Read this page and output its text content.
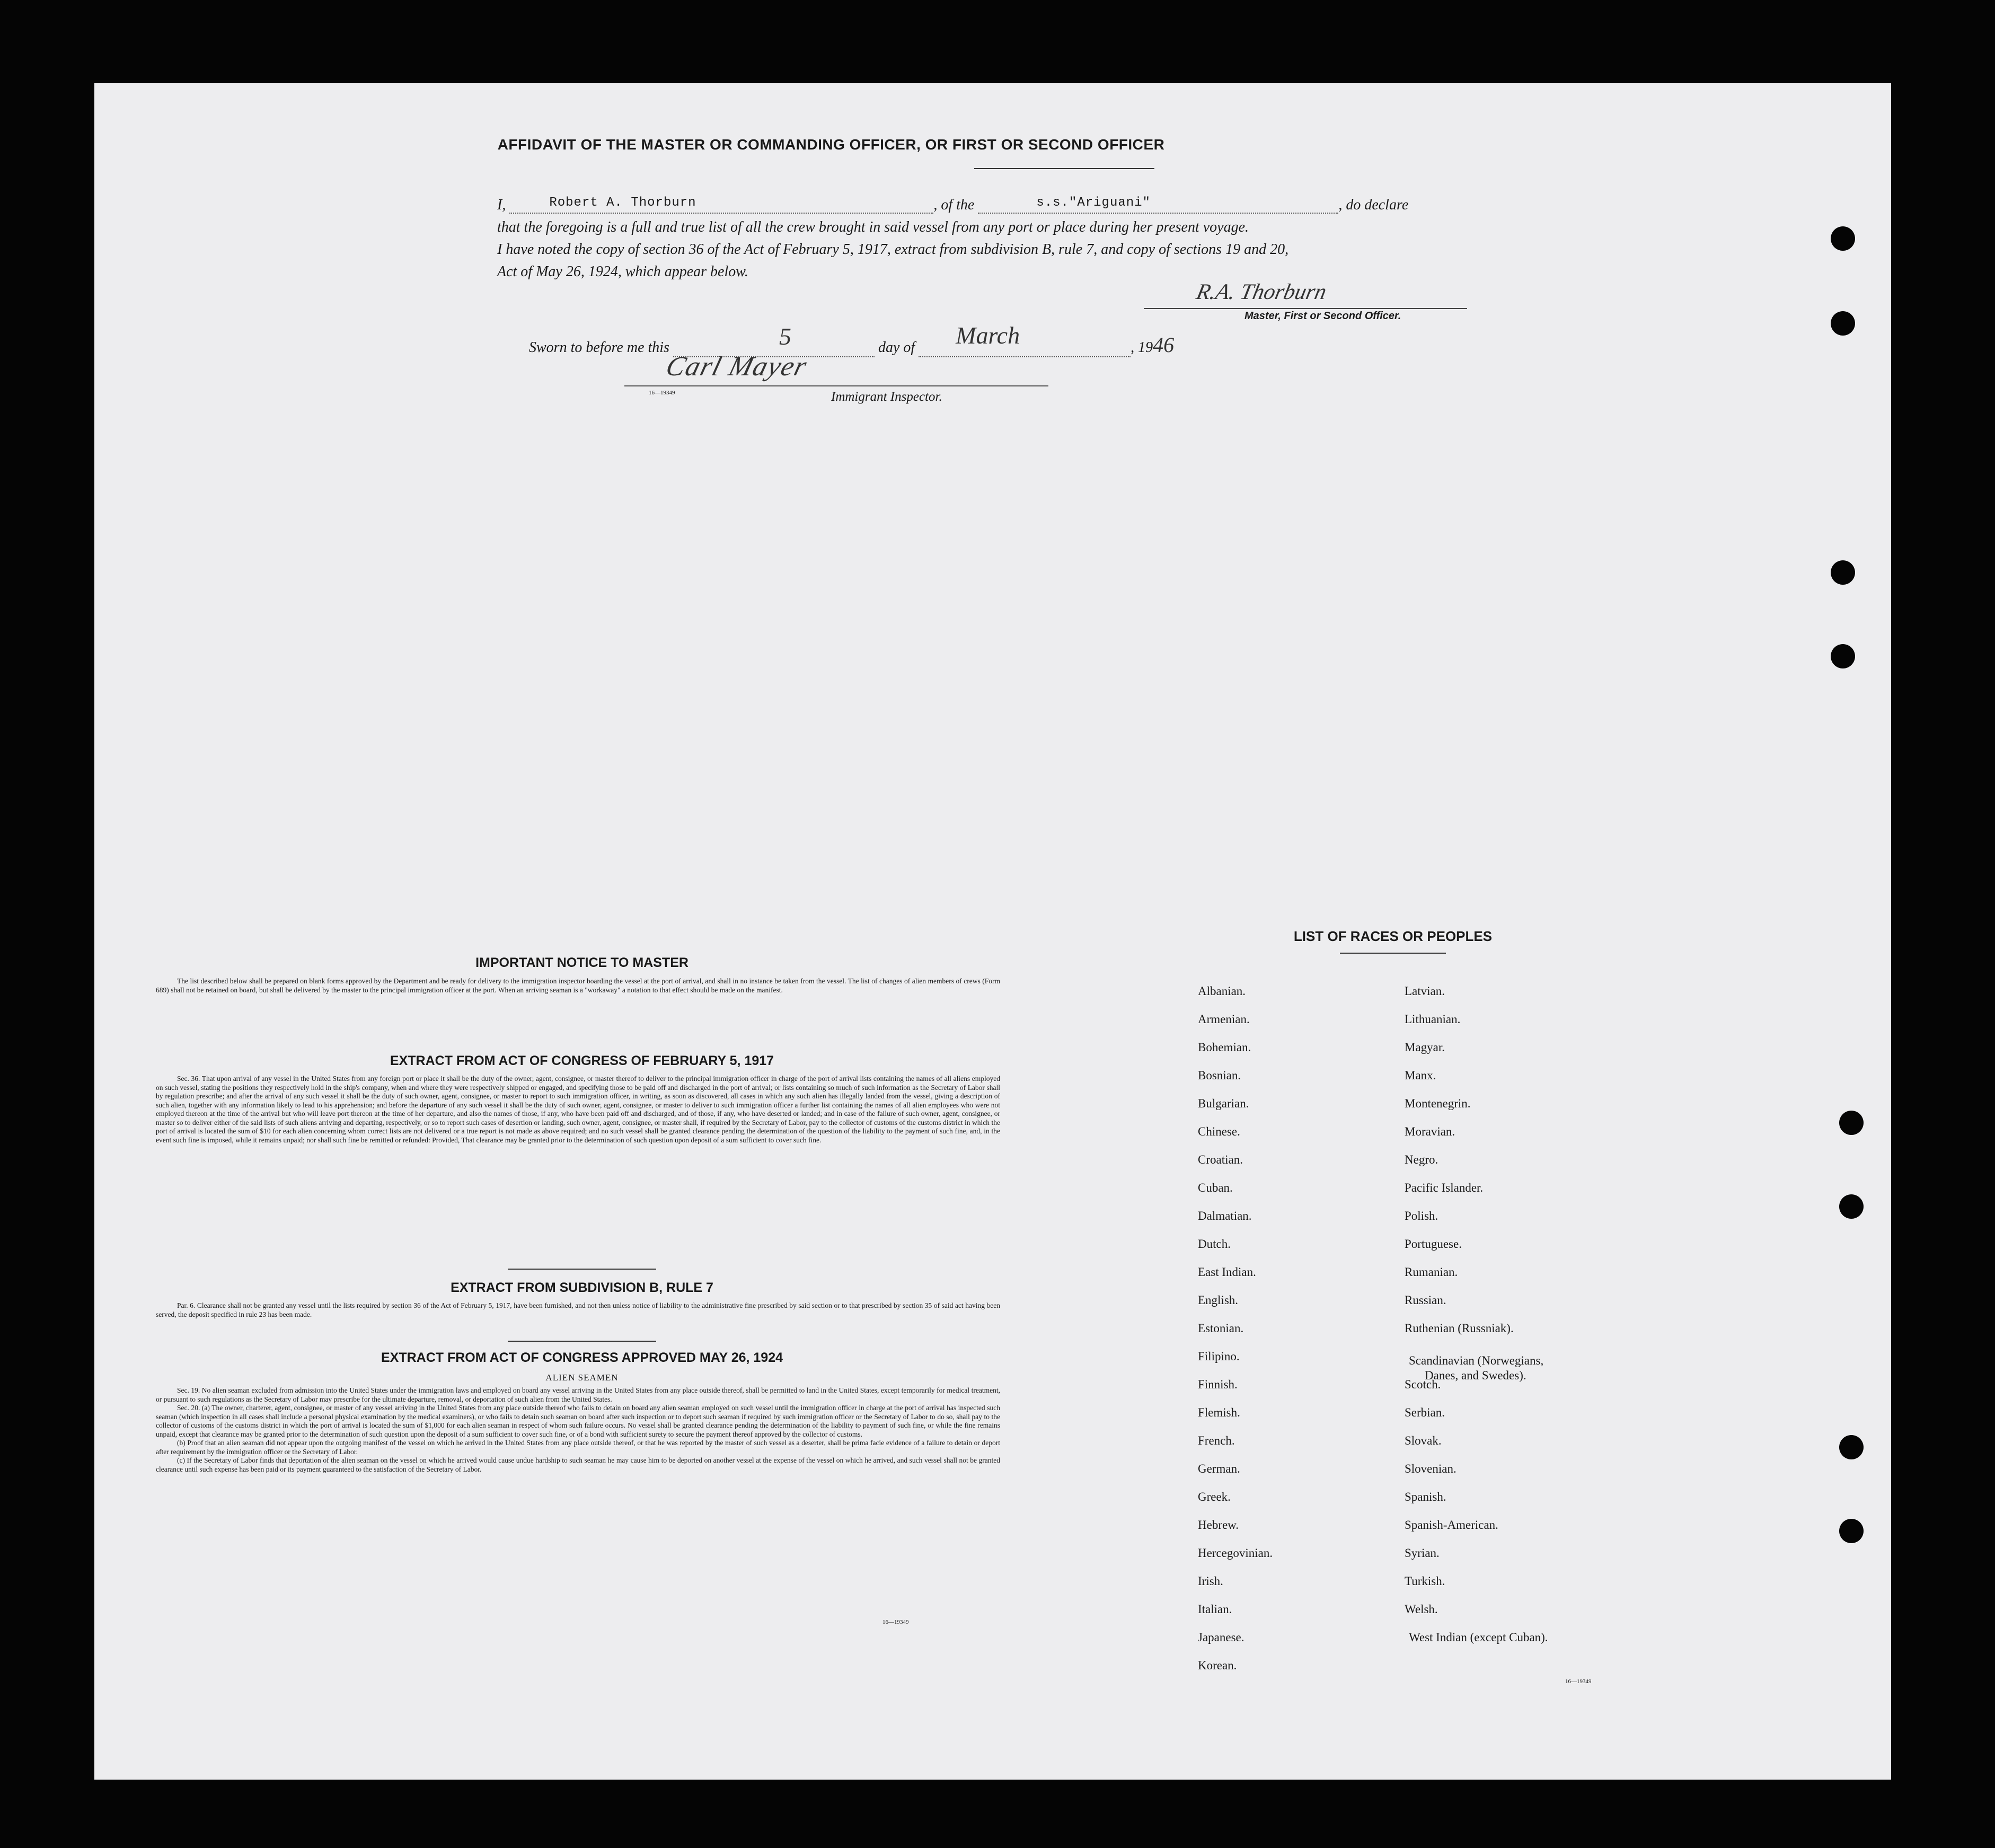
AFFIDAVIT OF THE MASTER OR COMMANDING OFFICER, OR FIRST OR SECOND OFFICER
I,	Robert A. Thorburn	, of the	s.s."Ariguani"	, do declare
that the foregoing is a full and true list of all the crew brought in said vessel from any port or place during her present voyage.
I have noted the copy of section 36 of the Act of February 5, 1917, extract from subdivision B, rule 7, and copy of sections 19 and 20,
Act of May 26, 1924, which appear below.
R.A. Thorburn
Master, First or Second Officer.
Sworn to before me this	5	day of March	, 1946
Carl Mayer
16—19349	Immigrant Inspector.
IMPORTANT NOTICE TO MASTER

The list described below shall be prepared on blank forms approved by the Department and be ready for delivery to the immigration inspector boarding the vessel at the port of arrival, and shall in no instance be taken from the vessel. The list of changes of alien members of crews (Form 689) shall not be retained on board, but shall be delivered by the master to the principal immigration officer at the port. When an arriving seaman is a "workaway" a notation to that effect should be made on the manifest.

EXTRACT FROM ACT OF CONGRESS OF FEBRUARY 5, 1917

Sec. 36. That upon arrival of any vessel in the United States from any foreign port or place it shall be the duty of the owner, agent, consignee, or master thereof to deliver to the principal immigration officer in charge of the port of arrival lists containing the names of all aliens employed on such vessel, stating the positions they respectively hold in the ship's company, when and where they were respectively shipped or engaged, and specifying those to be paid off and discharged in the port of arrival; or lists containing so much of such information as the Secretary of Labor shall by regulation prescribe; and after the arrival of any such vessel it shall be the duty of such owner, agent, consignee, or master to report to such immigration officer, in writing, as soon as discovered, all cases in which any such alien has illegally landed from the vessel, giving a description of such alien, together with any information likely to lead to his apprehension; and before the departure of any such vessel it shall be the duty of such owner, agent, consignee, or master to deliver to such immigration officer a further list containing the names of all alien employees who were not employed thereon at the time of the arrival but who will leave port thereon at the time of her departure, and also the names of those, if any, who have been paid off and discharged, and of those, if any, who have deserted or landed; and in case of the failure of such owner, agent, consignee, or master so to deliver either of the said lists of such aliens arriving and departing, respectively, or so to report such cases of desertion or landing, such owner, agent, consignee, or master shall, if required by the Secretary of Labor, pay to the collector of customs of the customs district in which the port of arrival is located the sum of $10 for each alien concerning whom correct lists are not delivered or a true report is not made as above required; and no such vessel shall be granted clearance pending the determination of the question of the liability to the payment of such fine, and, in the event such fine is imposed, while it remains unpaid; nor shall such fine be remitted or refunded: Provided, That clearance may be granted prior to the determination of such question upon deposit of a sum sufficient to cover such fine.

EXTRACT FROM SUBDIVISION B, RULE 7

Par. 6. Clearance shall not be granted any vessel until the lists required by section 36 of the Act of February 5, 1917, have been furnished, and not then unless notice of liability to the administrative fine prescribed by said section or to that prescribed by section 35 of said act having been served, the deposit specified in rule 23 has been made.

EXTRACT FROM ACT OF CONGRESS APPROVED MAY 26, 1924
ALIEN SEAMEN

Sec. 19. No alien seaman excluded from admission into the United States under the immigration laws and employed on board any vessel arriving in the United States from any place outside thereof, shall be permitted to land in the United States, except temporarily for medical treatment, or pursuant to such regulations as the Secretary of Labor may prescribe for the ultimate departure, removal, or deportation of such alien from the United States.

Sec. 20. (a) The owner, charterer, agent, consignee, or master of any vessel arriving in the United States from any place outside thereof who fails to detain on board any alien seaman employed on such vessel until the immigration officer in charge at the port of arrival has inspected such seaman (which inspection in all cases shall include a personal physical examination by the medical examiners), or who fails to detain such seaman on board after such inspection or to deport such seaman if required by such immigration officer or the Secretary of Labor to do so, shall pay to the collector of customs of the customs district in which the port of arrival is located the sum of $1,000 for each alien seaman in respect of whom such failure occurs. No vessel shall be granted clearance pending the determination of the liability to payment of such fine, or while the fine remains unpaid, except that clearance may be granted prior to the determination of such question upon the deposit of a sum sufficient to cover such fine, or of a bond with sufficient surety to secure the payment thereof approved by the collector of customs.

(b) Proof that an alien seaman did not appear upon the outgoing manifest of the vessel on which he arrived in the United States from any place outside thereof, or that he was reported by the master of such vessel as a deserter, shall be prima facie evidence of a failure to detain or deport after requirement by the immigration officer or the Secretary of Labor.

(c) If the Secretary of Labor finds that deportation of the alien seaman on the vessel on which he arrived would cause undue hardship to such seaman he may cause him to be deported on another vessel at the expense of the vessel on which he arrived, and such vessel shall not be granted clearance until such expense has been paid or its payment guaranteed to the satisfaction of the Secretary of Labor.

16—19349
LIST OF RACES OR PEOPLES
16—19349
Albanian.
Armenian.
Bohemian.
Bosnian.
Bulgarian.
Chinese.
Croatian.
Cuban.
Dalmatian.
Dutch.
East Indian.
English.
Estonian.
Filipino.
Finnish.
Flemish.
French.
German.
Greek.
Hebrew.
Hercegovinian.
Irish.
Italian.
Japanese.
Korean.
Latvian.
Lithuanian.
Magyar.
Manx.
Montenegrin.
Moravian.
Negro.
Pacific Islander.
Polish.
Portuguese.
Rumanian.
Russian.
Ruthenian (Russniak).
Scandinavian (Norwegians,
Danes, and Swedes).
Scotch.
Serbian.
Slovak.
Slovenian.
Spanish.
Spanish-American.
Syrian.
Turkish.
Welsh.
West Indian (except Cuban).
